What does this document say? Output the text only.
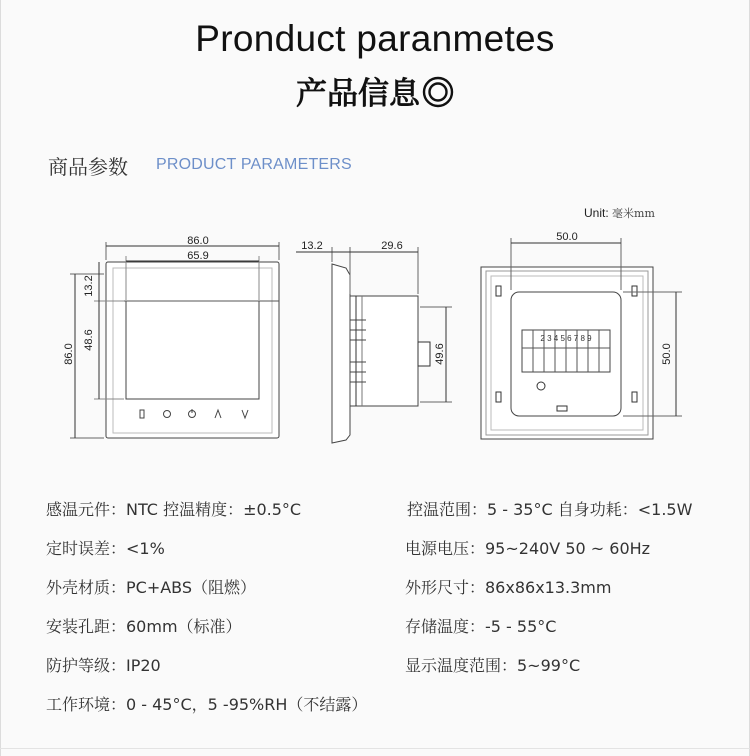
Pronduct paranmetes
产品信息
商品参数 PRODUCT PARAMETERS
Unit: 毫米mm
86.0
65.9
86.0
48.6
13.2
13.2	29.6
49.6
50.0
50.0
2 3 4 5 6 7 8 9
感温元件：NTC 控温精度：±0.5°C	控温范围：5 - 35°C 自身功耗：<1.5W
定时误差：<1%	电源电压：95~240V 50 ~ 60Hz
外壳材质：PC+ABS（阻燃）	外形尺寸：86x86x13.3mm
安装孔距：60mm（标准）	存储温度：-5 - 55°C
防护等级：IP20	显示温度范围：5~99°C
工作环境：0 - 45°C，5 -95%RH（不结露）
